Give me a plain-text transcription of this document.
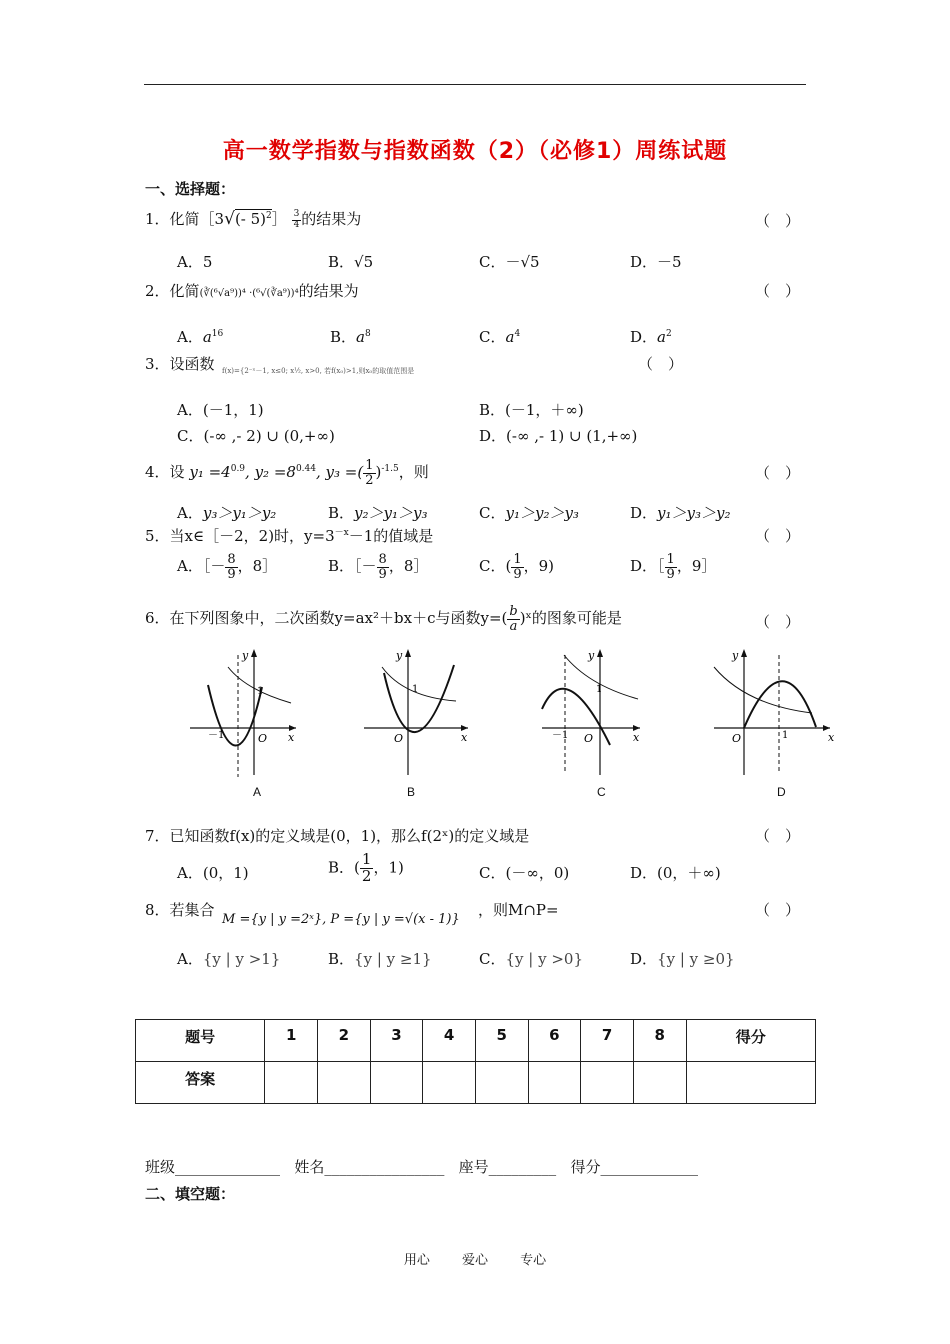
高一数学指数与指数函数（2）（必修1）周练试题
一、选择题：
1．化简［3√(- 5)$^2$］ $\frac{3}{4}$ 的结果为	（　）
A．5	B．√5	C．－√5	D．－5
2．化简(∛(⁶√a⁹))⁴ ·(⁶√(∛a⁹))⁴的结果为	（　）
A．$a^{16}$	B．$a^8$	C．$a^4$	D．$a^2$
3．设函数 f(x)={2⁻ˣ－1, x≤0; x½, x>0, 若f(x₀)>1,则x₀的取值范围是	（　）
A．(－1，1)	B．(－1，＋∞)
C．(-∞ ,- 2) ∪ (0,+∞)	D．(-∞ ,- 1) ∪ (1,+∞)
4．设 $y_1 =4^{0.9}$, $y_2 =8^{0.44}$, y₃ =( $\frac{1}{2} )^{-1.5}$，则	（　）
A．y₃＞y₁＞y₂	B．y₂＞y₁＞y₃	C．y₁＞y₂＞y₃	D．y₁＞y₃＞y₂
5．当x∈［－2，2)时，$y=3^{-x}-1$的值域是	（　）
A．［－ $\frac{8}{9}$ ，8］	B．［－ $\frac{8}{9}$ ，8］	C．( $\frac{1}{9}$ ，9)	D．［ $\frac{1}{9}$ ，9］
6．在下列图象中，二次函数y=ax²＋bx＋c与函数$y=( \frac{b}{a}$ )ˣ的图象可能是	（　）
y
x
O
1
－1
A
y
x
O
1
B
y
x
O
1
－1
C
y
x
O	1
D
7．已知函数f(x)的定义域是(0，1)，那么f(2ˣ)的定义域是	（　）
A．(0，1)	B．( $\frac{1}{2}$ ，1)	C．(－∞，0)	D．(0，＋∞)
8．若集合
M ={y | y =2ˣ}, P ={y | y =√(x - 1)}
，则M∩P=	（　）
A．{y | y >1}	B．{y | y ≥1}	C．{y | y >0}	D．{y | y ≥0}
题号	1	2	3	4	5	6	7	8	得分
答案									
班级______________ 姓名________________ 座号_________ 得分_____________
二、填空题：
用心 爱心 专心
